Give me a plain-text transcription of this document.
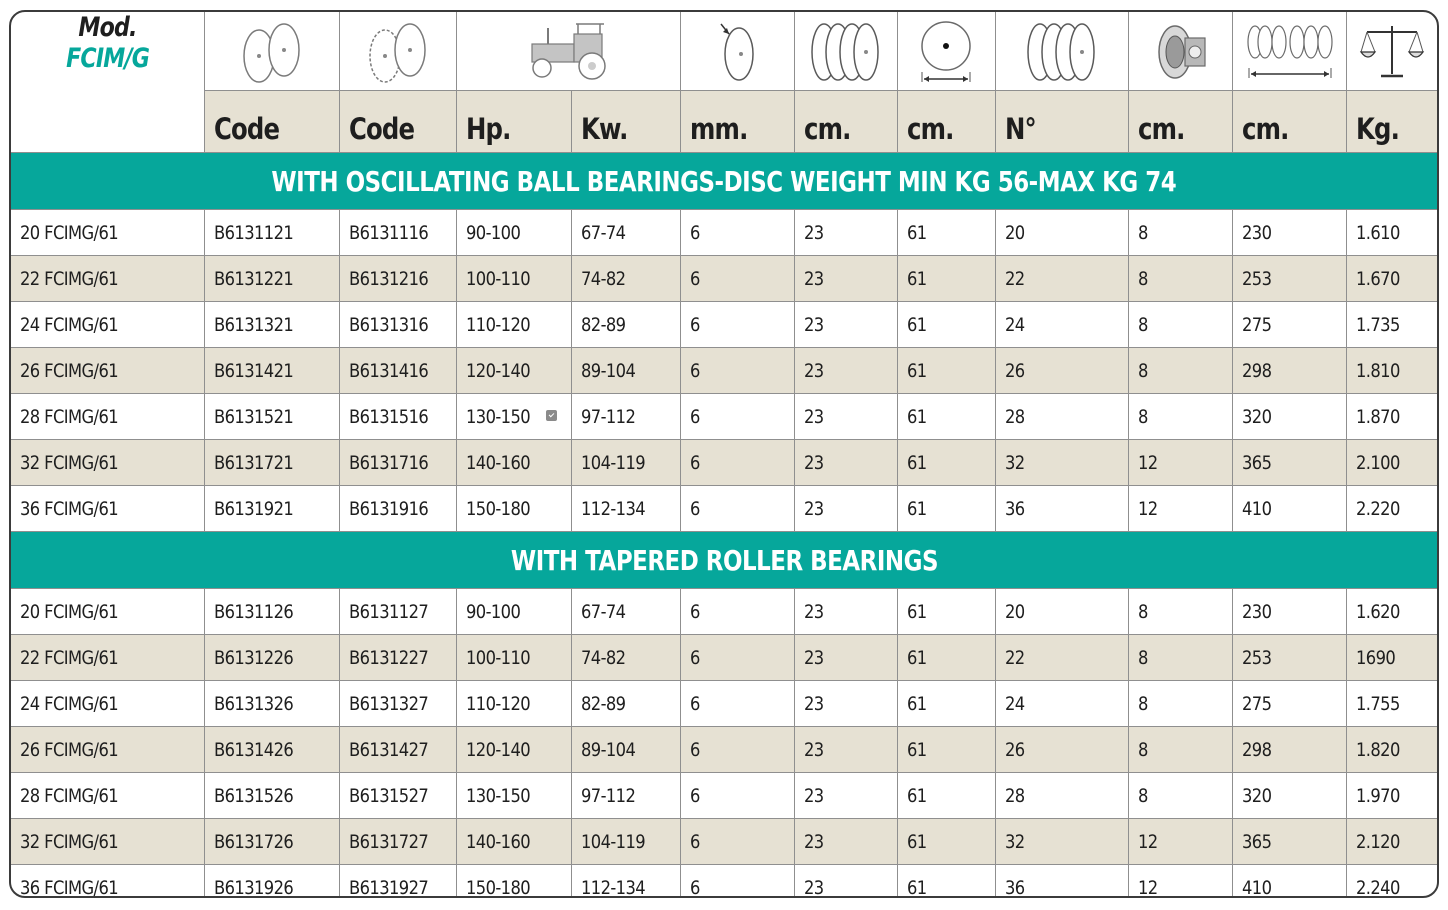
Mod.
FCIM/G

	Code	Code	Hp.	Kw.	mm.	cm.	cm.	N°	cm.	cm.	Kg.
WITH OSCILLATING BALL BEARINGS-DISC WEIGHT MIN KG 56-MAX KG 74											
20 FCIMG/61	B6131121	B6131116	90-100	67-74	6	23	61	20	8	230	1.610
22 FCIMG/61	B6131221	B6131216	100-110	74-82	6	23	61	22	8	253	1.670
24 FCIMG/61	B6131321	B6131316	110-120	82-89	6	23	61	24	8	275	1.735
26 FCIMG/61	B6131421	B6131416	120-140	89-104	6	23	61	26	8	298	1.810
28 FCIMG/61	B6131521	B6131516	130-150	97-112	6	23	61	28	8	320	1.870
32 FCIMG/61	B6131721	B6131716	140-160	104-119	6	23	61	32	12	365	2.100
36 FCIMG/61	B6131921	B6131916	150-180	112-134	6	23	61	36	12	410	2.220
WITH TAPERED ROLLER BEARINGS											
20 FCIMG/61	B6131126	B6131127	90-100	67-74	6	23	61	20	8	230	1.620
22 FCIMG/61	B6131226	B6131227	100-110	74-82	6	23	61	22	8	253	1690
24 FCIMG/61	B6131326	B6131327	110-120	82-89	6	23	61	24	8	275	1.755
26 FCIMG/61	B6131426	B6131427	120-140	89-104	6	23	61	26	8	298	1.820
28 FCIMG/61	B6131526	B6131527	130-150	97-112	6	23	61	28	8	320	1.970
32 FCIMG/61	B6131726	B6131727	140-160	104-119	6	23	61	32	12	365	2.120
36 FCIMG/61	B6131926	B6131927	150-180	112-134	6	23	61	36	12	410	2.240
